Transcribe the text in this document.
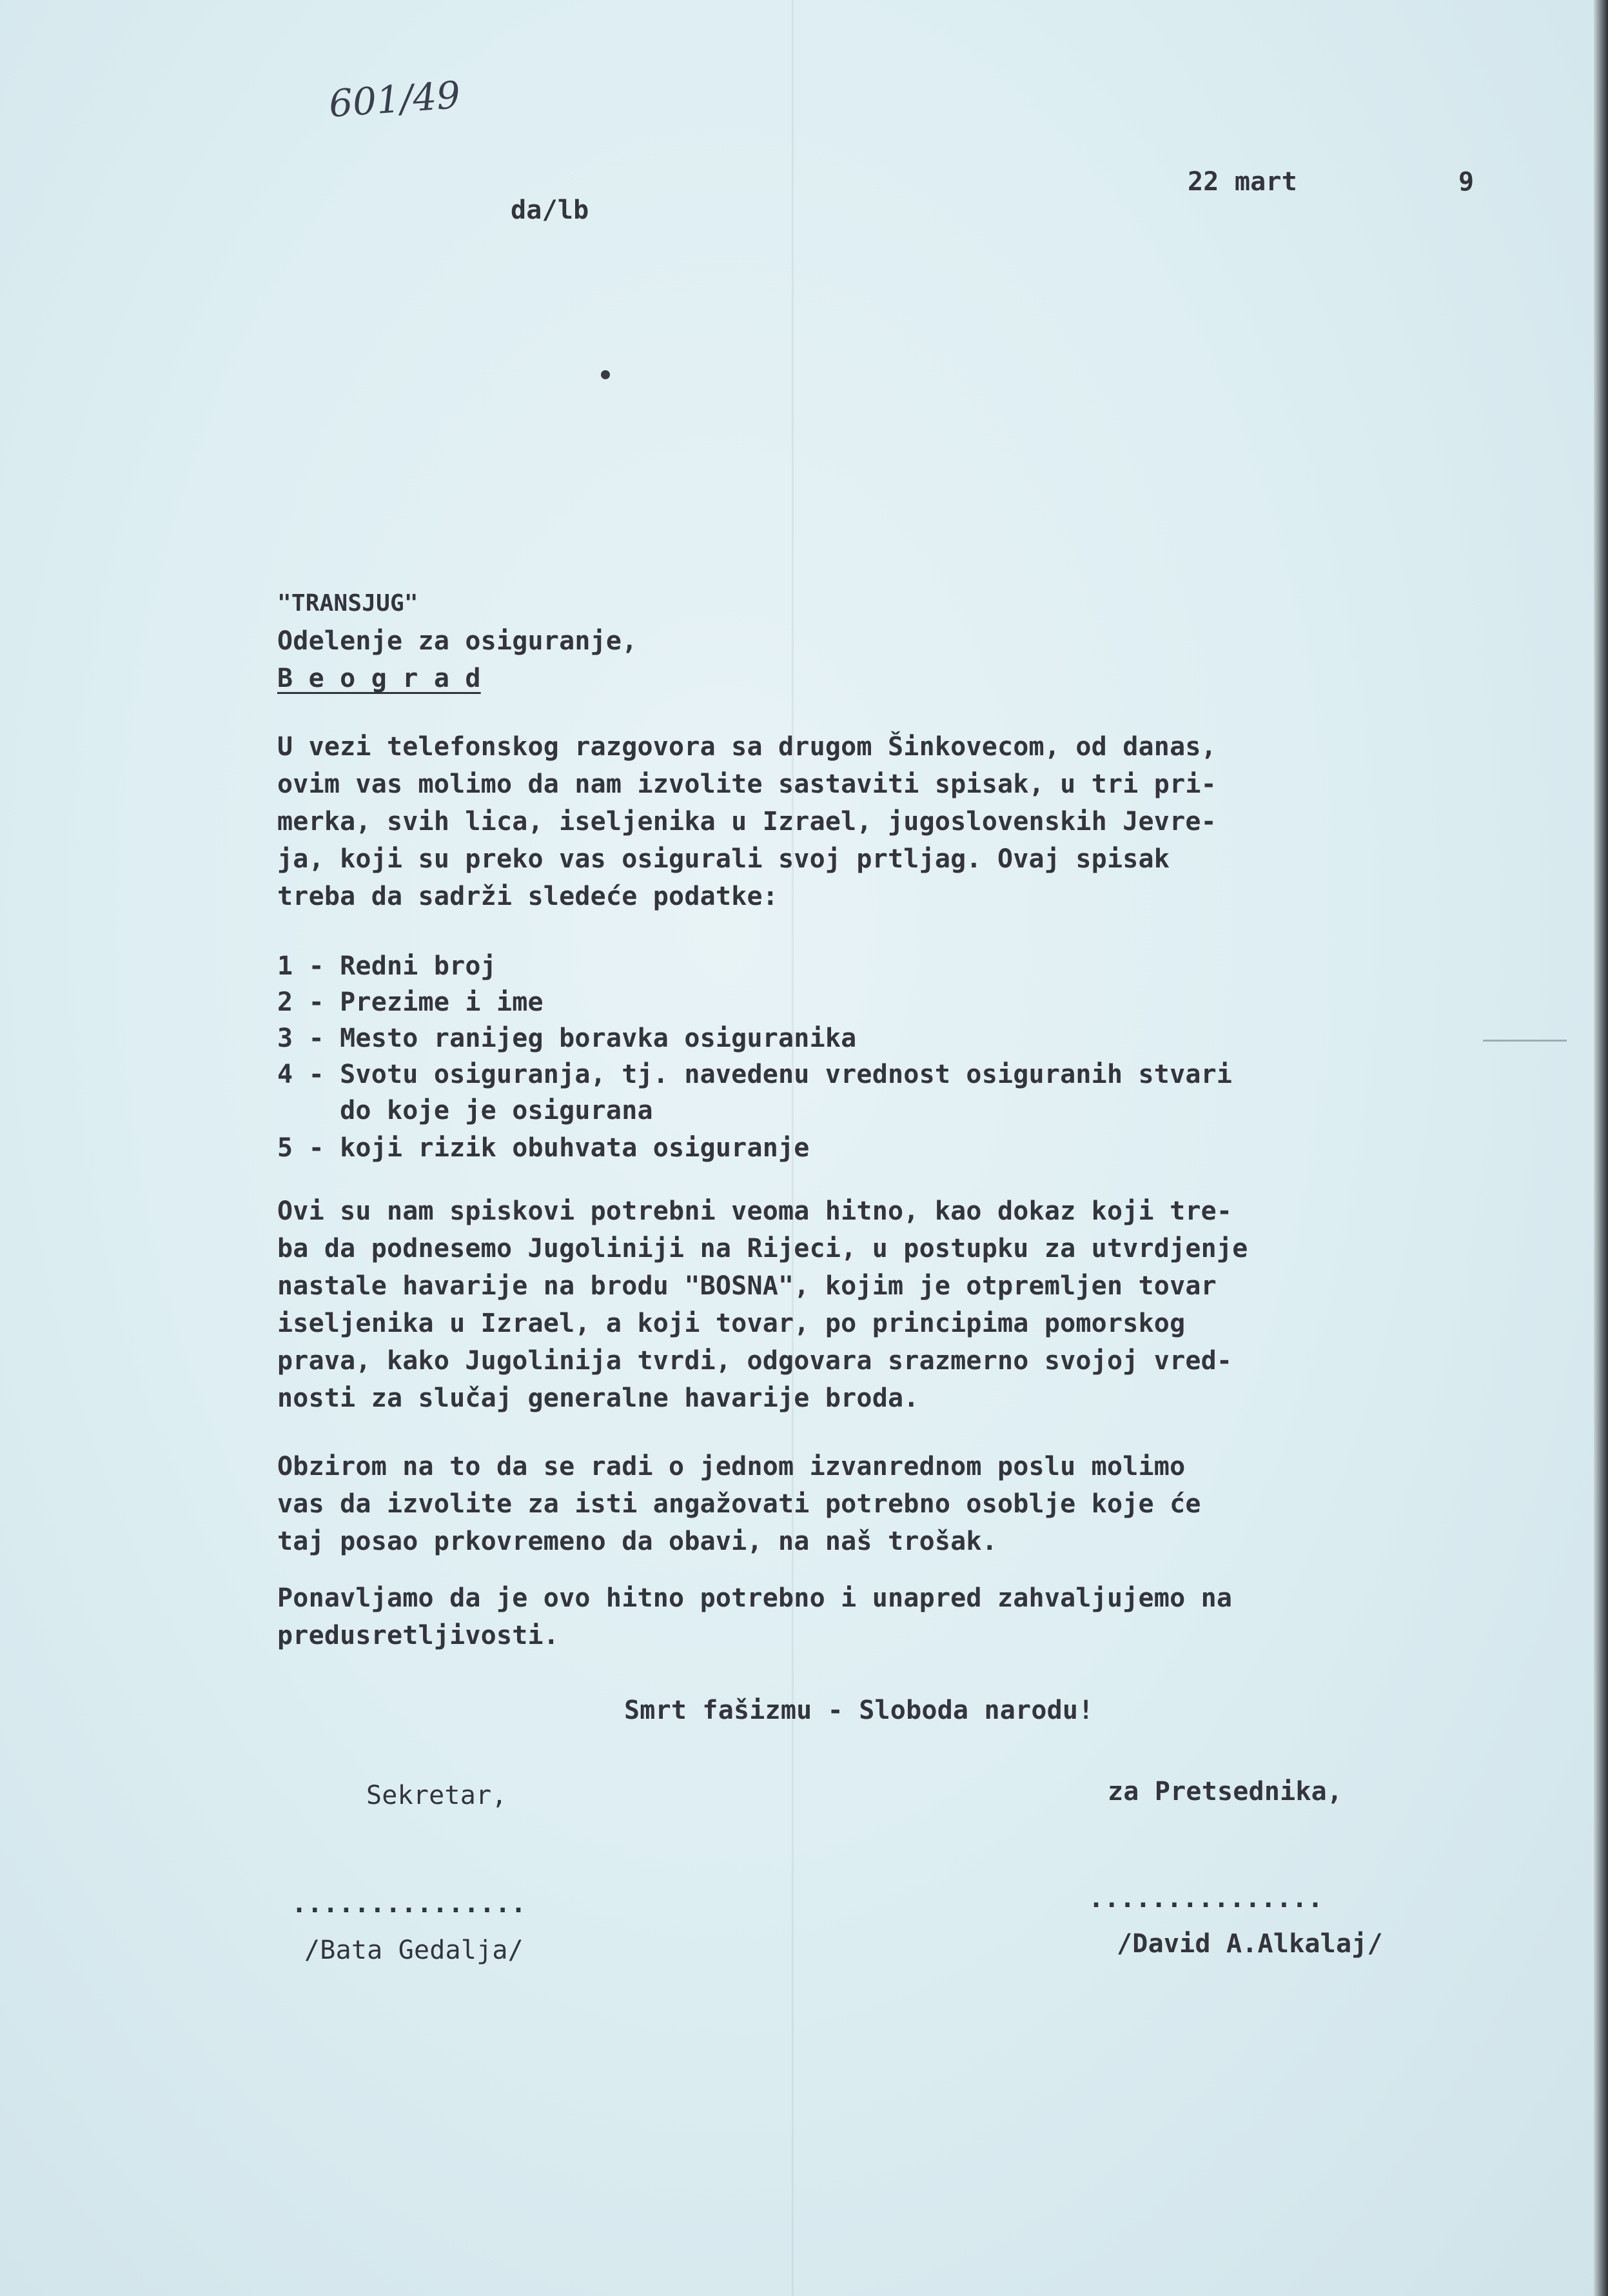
601/49
da/lb
22 mart	9
"TRANSJUG"
Odelenje za osiguranje,
B e o g r a d
U vezi telefonskog razgovora sa drugom Šinkovecom, od danas,
ovim vas molimo da nam izvolite sastaviti spisak, u tri pri-
merka, svih lica, iseljenika u Izrael, jugoslovenskih Jevre-
ja, koji su preko vas osigurali svoj prtljag. Ovaj spisak
treba da sadrži sledeće podatke:
1 - Redni broj
2 - Prezime i ime
3 - Mesto ranijeg boravka osiguranika
4 - Svotu osiguranja, tj. navedenu vrednost osiguranih stvari
do koje je osigurana
5 - koji rizik obuhvata osiguranje
Ovi su nam spiskovi potrebni veoma hitno, kao dokaz koji tre-
ba da podnesemo Jugoliniji na Rijeci, u postupku za utvrdjenje
nastale havarije na brodu "BOSNA", kojim je otpremljen tovar
iseljenika u Izrael, a koji tovar, po principima pomorskog
prava, kako Jugolinija tvrdi, odgovara srazmerno svojoj vred-
nosti za slučaj generalne havarije broda.
Obzirom na to da se radi o jednom izvanrednom poslu molimo
vas da izvolite za isti angažovati potrebno osoblje koje će
taj posao prkovremeno da obavi, na naš trošak.
Ponavljamo da je ovo hitno potrebno i unapred zahvaljujemo na
predusretljivosti.
Smrt fašizmu - Sloboda narodu!
Sekretar,	za Pretsednika,
...............	...............
/Bata Gedalja/	/David A.Alkalaj/
